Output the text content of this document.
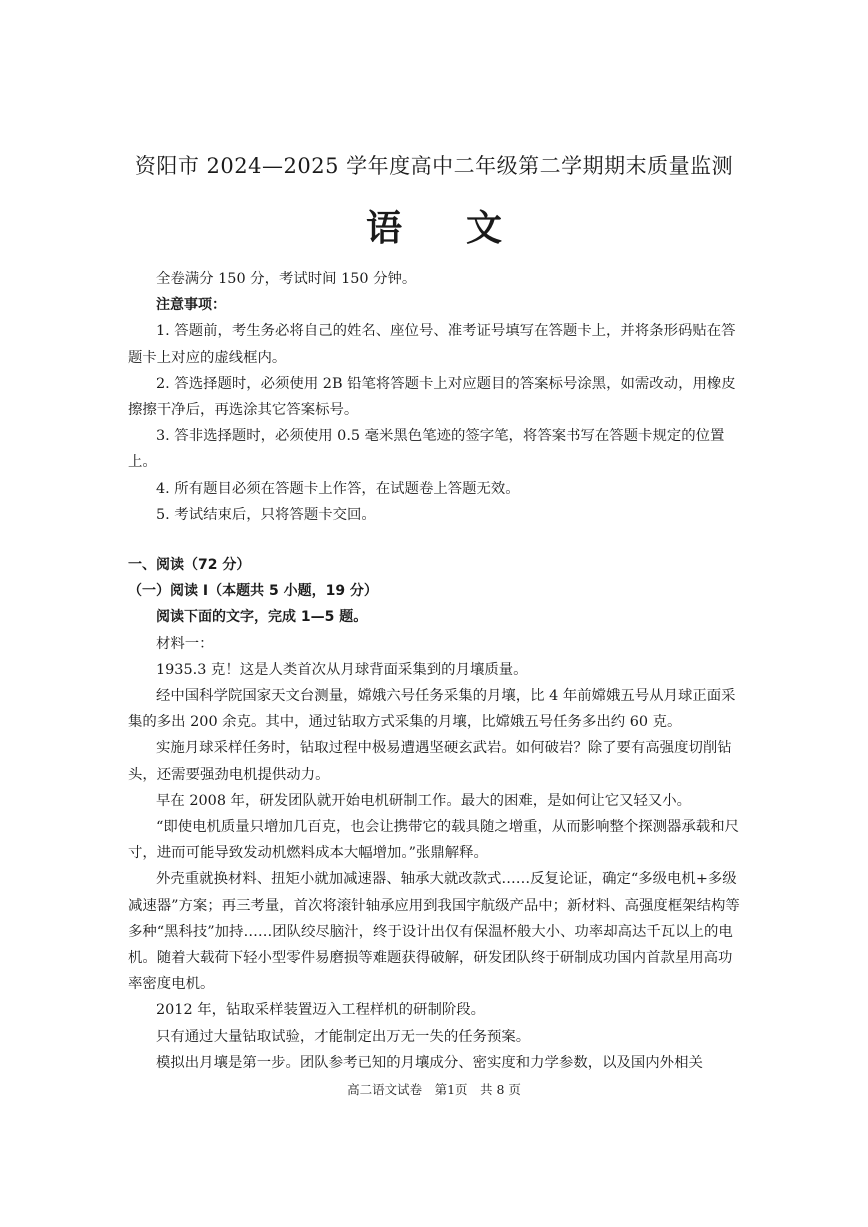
资阳市 2024—2025 学年度高中二年级第二学期期末质量监测
语文

全卷满分 150 分，考试时间 150 分钟。

注意事项：

1. 答题前，考生务必将自己的姓名、座位号、准考证号填写在答题卡上，并将条形码贴在答题卡上对应的虚线框内。

2. 答选择题时，必须使用 2B 铅笔将答题卡上对应题目的答案标号涂黑，如需改动，用橡皮擦擦干净后，再选涂其它答案标号。

3. 答非选择题时，必须使用 0.5 毫米黑色笔迹的签字笔，将答案书写在答题卡规定的位置上。

4. 所有题目必须在答题卡上作答，在试题卷上答题无效。

5. 考试结束后，只将答题卡交回。

一、阅读（72 分）

（一）阅读 I（本题共 5 小题，19 分）

阅读下面的文字，完成 1—5 题。

材料一：

1935.3 克！这是人类首次从月球背面采集到的月壤质量。

经中国科学院国家天文台测量，嫦娥六号任务采集的月壤，比 4 年前嫦娥五号从月球正面采集的多出 200 余克。其中，通过钻取方式采集的月壤，比嫦娥五号任务多出约 60 克。

实施月球采样任务时，钻取过程中极易遭遇坚硬玄武岩。如何破岩？除了要有高强度切削钻头，还需要强劲电机提供动力。

早在 2008 年，研发团队就开始电机研制工作。最大的困难，是如何让它又轻又小。

“即使电机质量只增加几百克，也会让携带它的载具随之增重，从而影响整个探测器承载和尺寸，进而可能导致发动机燃料成本大幅增加。”张鼎解释。

外壳重就换材料、扭矩小就加减速器、轴承大就改款式……反复论证，确定“多级电机+多级减速器”方案；再三考量，首次将滚针轴承应用到我国宇航级产品中；新材料、高强度框架结构等多种“黑科技”加持……团队绞尽脑汁，终于设计出仅有保温杯般大小、功率却高达千瓦以上的电机。随着大载荷下轻小型零件易磨损等难题获得破解，研发团队终于研制成功国内首款星用高功率密度电机。

2012 年，钻取采样装置迈入工程样机的研制阶段。

只有通过大量钻取试验，才能制定出万无一失的任务预案。

模拟出月壤是第一步。团队参考已知的月壤成分、密实度和力学参数，以及国内外相关

高二语文试卷　第1页　共 8 页
